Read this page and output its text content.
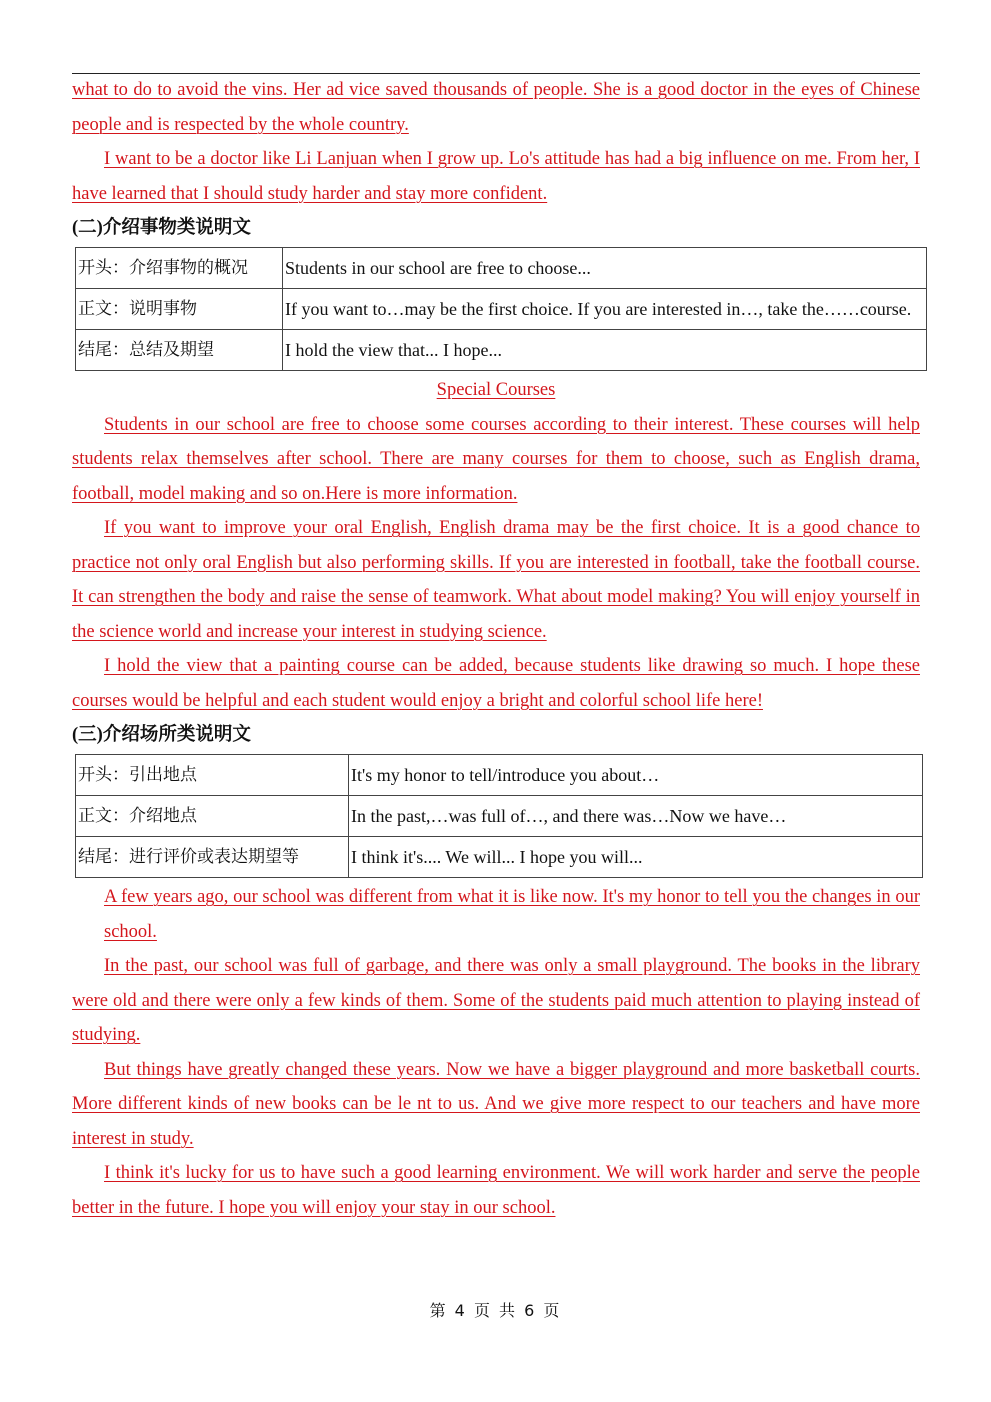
what to do to avoid the vins. Her ad vice saved thousands of people. She is a good doctor in the eyes of Chinese people and is respected by the whole country.

I want to be a doctor like Li Lanjuan when I grow up. Lo's attitude has had a big influence on me. From her, I have learned that I should study harder and stay more confident.

(二)介绍事物类说明文

开头：介绍事物的概况	Students in our school are free to choose...
正文：说明事物	If you want to…may be the first choice. If you are interested in…, take the……course.
结尾：总结及期望	I hold the view that... I hope...

Special Courses

Students in our school are free to choose some courses according to their interest. These courses will help students relax themselves after school. There are many courses for them to choose, such as English drama, football, model making and so on.Here is more information.

If you want to improve your oral English, English drama may be the first choice. It is a good chance to practice not only oral English but also performing skills. If you are interested in football, take the football course. It can strengthen the body and raise the sense of teamwork. What about model making? You will enjoy yourself in the science world and increase your interest in studying science.

I hold the view that a painting course can be added, because students like drawing so much. I hope these courses would be helpful and each student would enjoy a bright and colorful school life here!

(三)介绍场所类说明文

开头：引出地点	It's my honor to tell/introduce you about…
正文：介绍地点	In the past,…was full of…, and there was…Now we have…
结尾：进行评价或表达期望等	I think it's.... We will... I hope you will...

A few years ago, our school was different from what it is like now. It's my honor to tell you the changes in our school.

In the past, our school was full of garbage, and there was only a small playground. The books in the library were old and there were only a few kinds of them. Some of the students paid much attention to playing instead of studying.

But things have greatly changed these years. Now we have a bigger playground and more basketball courts. More different kinds of new books can be le nt to us. And we give more respect to our teachers and have more interest in study.

I think it's lucky for us to have such a good learning environment. We will work harder and serve the people better in the future. I hope you will enjoy your stay in our school.

第 4 页 共 6 页
